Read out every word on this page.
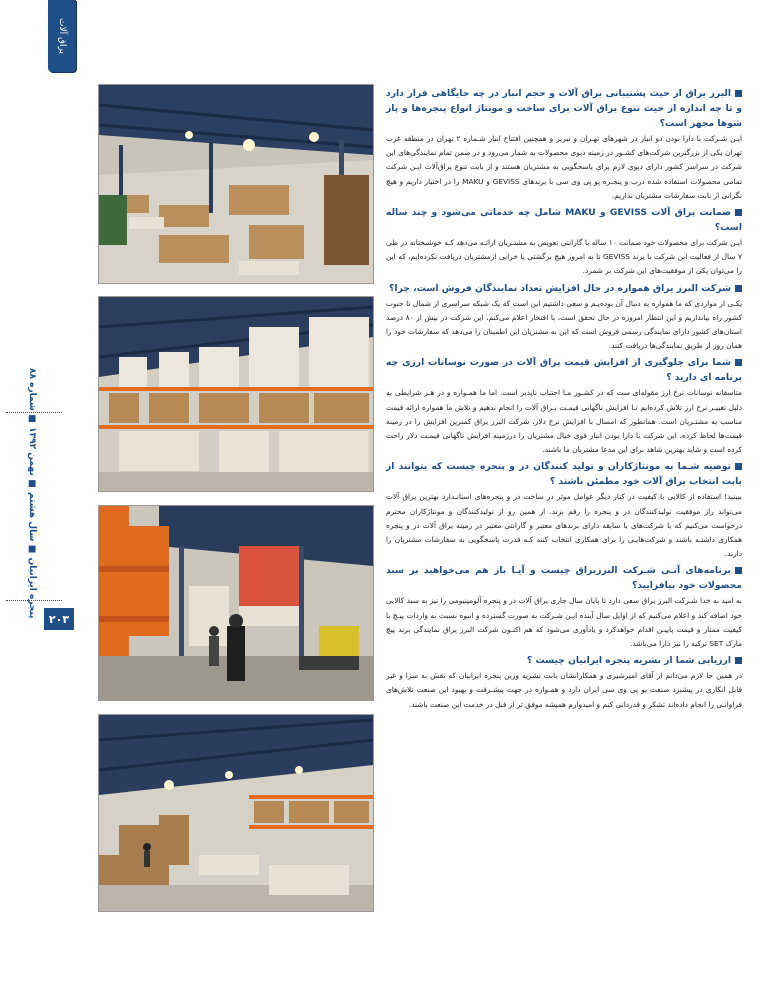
یراق آلات
پنجره ایرانیان ■ سال هشتم ■ بهمن ۱۳۹۲ ■ شماره ۸۸
۲۰۳
البرز یراق از حیث پشتیبانی یراق آلات و حجم انبار در چه جایگاهی قرار دارد و تا چه اندازه از حیث تنوع یراق آلات برای ساخت و مونتاژ انواع پنجره‌ها و پاز شوها مجهز است؟
ایـن شـرکت با دارا بودن دو انبار در شهرهای تهـران و تبریز و همچنین افتتاح انبار شـماره ۲ تهران در منطقه غرب تهران یکی از بزرگترین شرکت‌های کشـور در زمینه دپوی محصولات به شمار می‌رود و در ضمن تمام نمایندگی‌های این شرکت در سراسر کشور دارای دپوی لازم برای پاسخگویی به مشتریان هستند و از بابت تنوع یراق‌آلات ایـن شرکت تمامی محصولات استفاده شده درب و پنجـره یو پی وی سی با برندهای GEVISS و MAKU را در اختیار داریم و هیچ نگرانی از بابت سفارشات مشتریان نداریم.
ضمانت یراق آلات GEVISS و MAKU شامل چه خدماتی می‌شود و چند ساله است؟
ایـن شرکت برای محصولات خود ضمانت ۱۰ ساله با گارانتی تعویض به مشتـریان ارائـه می‌دهد کـه خوشبختانه در طی ۷ سال از فعالیت این شرکت با برند GEVISS تا به امروز هیچ برگشتی یا خرابی ازمشتریان دریافت نکرده‌ایم، که این را می‌توان یکی از موفقیت‌های این شرکت بر شمرد.
شرکت البرز یراق همواره در حال افزایش تعداد نمایندگان فروش است، چرا؟
یکـی از مواردی که ما همواره به دنبال آن بوده‌یـم و سعی داشتیم این است که یک شبکه سراسری از شمال تا جنوب کشور راه بیاندازیم و این انتظار امروزه در حال تحقق است، با افتخار اعلام می‌کنم، این شرکت در بیش از ۸۰ درصد استان‌های کشور دارای نمایندگی رسمی فروش است که این به مشتریان این اطمینان را می‌دهد که سفارشات خود را همان روز از طریق نمایندگی‌ها دریافت کنند.
شما برای جلوگیری از افزایش قیمت یراق آلات در صورت نوسانات ارزی چه برنامه ای دارید ؟
متاسفانه نوسانات نرخ ارز مقوله‌ای ست که در کشـور مـا اجتناب ناپذیر است. اما ما همـواره و در هـر شرایطی به دلیل تغییـر نرخ ارز تلاش کرده‌ایم تـا افزایش ناگهانی قیمـت یـراق آلات را انجام ندهیم و تلاش ما همواره ارائه قیمت مناسب به مشتـریان است. همانطور که امسال با افزایش نرخ دلار، شرکت البرز یراق کمترین افزایش را در زمینه قیمت‌ها لحاظ کرده، این شرکت با دارا بودن انبار قوی خیال مشتریان را درزمینه افزایش ناگهانی قیمـت دلار راحت کرده است و شاید بهترین شاهد برای این مدعا مشتریان ما باشند.
توصیه شـما به مونتاژکاران و تولید کنندگان در و پنجره چیست که بتوانند از بابت انتخاب یراق آلات خود مطمئن باشند ؟
ببینید! استفاده از کالایی با کیفیت در کنار دیگر عوامل موثر در ساخت در و پنجره‌های استانـدارد بهترین یراق آلات می‌تواند راز موفقیت تولیدکنندگان در و پنجره را رقم بزند. از همین رو از تولیدکنندگان و مونتاژکاران محترم درخواست می‌کنیم که با شرکت‌های با سابقه دارای برندهای معتبر و گارانتی معتبر در زمینه یراق آلات در و پنجره همکاری داشتـه باشند و شرکت‌هایـی را برای همکاری انتخاب کنند کـه قدرت پاسخگویی به سفارشات مشتریان را دارند.
برنامه‌های آتـی شـرکت البرزیراق چیست و آیـا باز هم می‌خواهید بر سبد محصولات خود بیافزایید؟
به امید به خدا شـرکت البرز یراق سعی دارد تا پایان سال جاری یراق آلات در و پنجره آلومینیومی را نیز به سبد کالایی خود اضافه کند و اعلام می‌کنیم که از اوایل سال آینده ایـن شـرکت به صورت گسترده و انبوه نسبت به واردات پیـچ با کیفیت ممتاز و قیمت پاییـن اقدام خواهدکرد و یادآوری می‌شود که هم اکنـون شرکت البرز یراق نمایندگی برند پیچ مارک SET ترکیه را نیز دارا می‌باشد.
ارزیابی شما از نشریه پنجره ایرانیان چیست ؟
در همین جا لازم می‌دانم از آقای امیرشیری و همکارانشان بابت نشریه وزین پنجره ایرانیان که نقش به سزا و غیر قابل انکاری در پیشبرد صنعت یو پی وی سی ایران دارد و همـواره در جهت پیشـرفت و بهبود این صنعت تلاش‌های فراوانـی را انجام داده‌اند تشکر و قدردانی کنم و امیدوارم همیشه موفق تر از قبل در خدمت این صنعت باشند.
